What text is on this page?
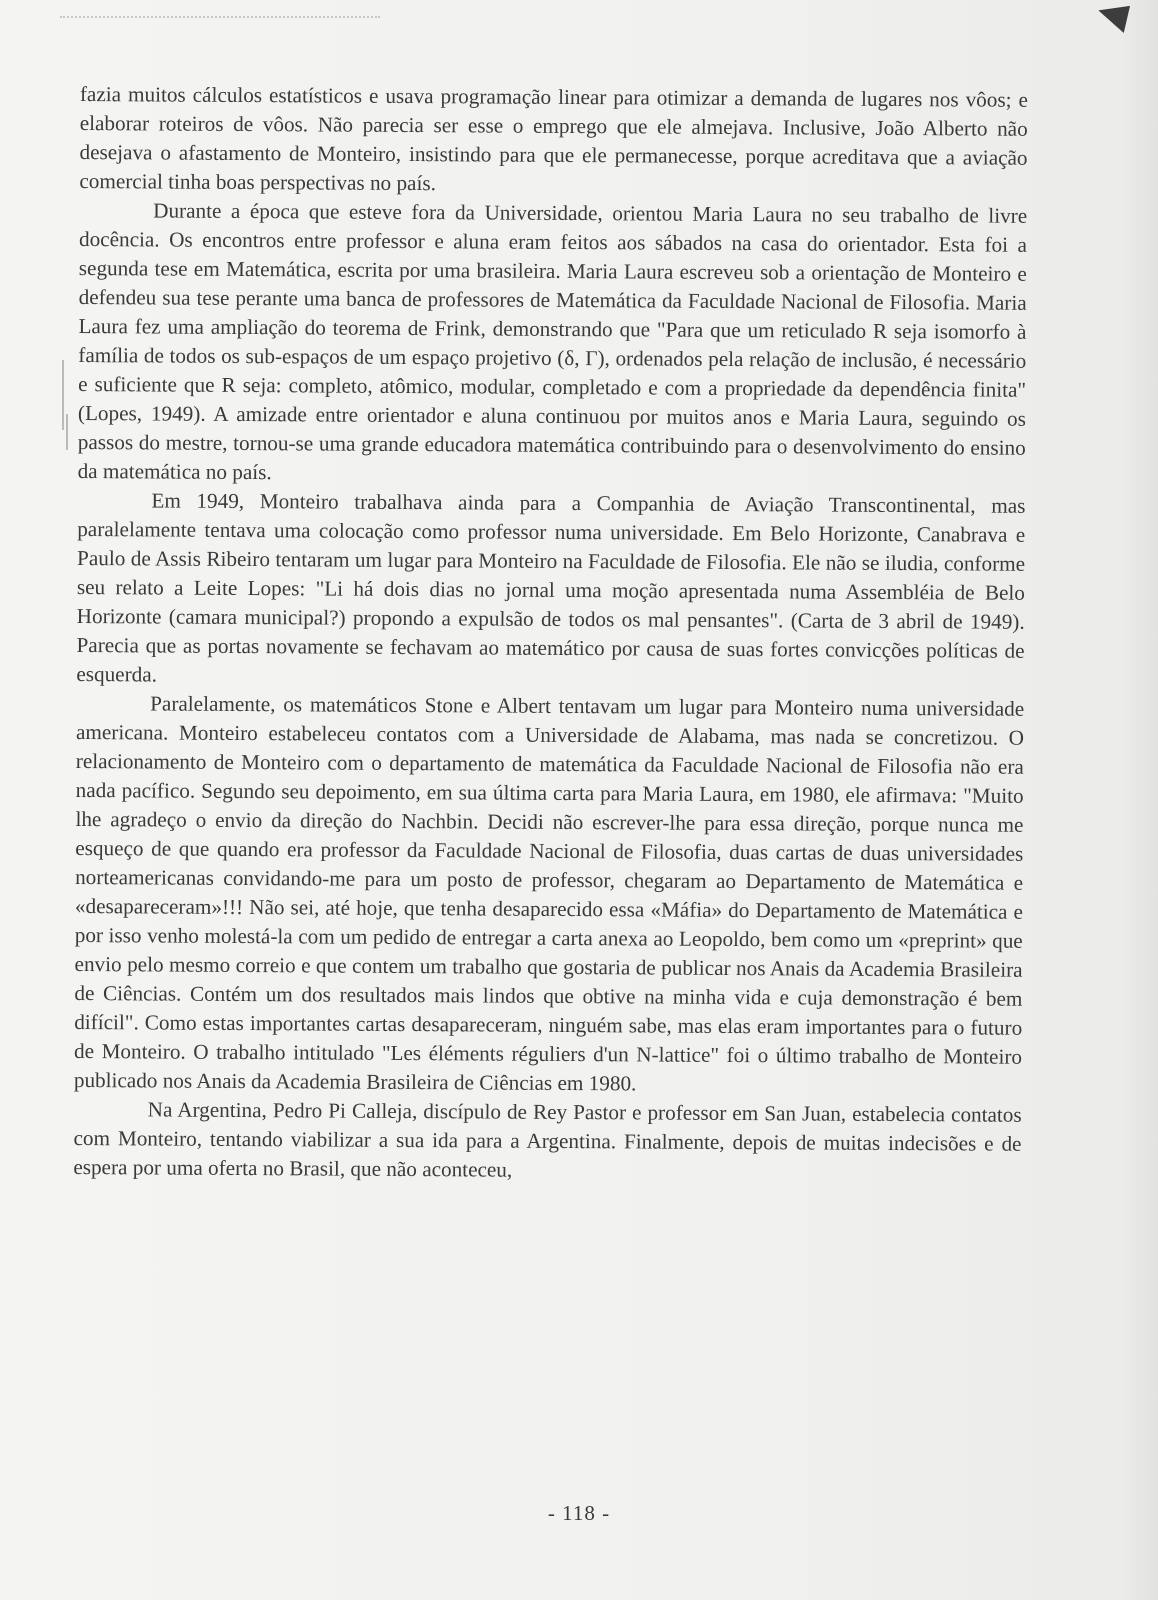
fazia muitos cálculos estatísticos e usava programação linear para otimizar a demanda de lugares nos vôos; e elaborar roteiros de vôos. Não parecia ser esse o emprego que ele almejava. Inclusive, João Alberto não desejava o afastamento de Monteiro, insistindo para que ele permanecesse, porque acreditava que a aviação comercial tinha boas perspectivas no país.

Durante a época que esteve fora da Universidade, orientou Maria Laura no seu trabalho de livre docência. Os encontros entre professor e aluna eram feitos aos sábados na casa do orientador. Esta foi a segunda tese em Matemática, escrita por uma brasileira. Maria Laura escreveu sob a orientação de Monteiro e defendeu sua tese perante uma banca de professores de Matemática da Faculdade Nacional de Filosofia. Maria Laura fez uma ampliação do teorema de Frink, demonstrando que "Para que um reticulado R seja isomorfo à família de todos os sub-espaços de um espaço projetivo (δ, Γ), ordenados pela relação de inclusão, é necessário e suficiente que R seja: completo, atômico, modular, completado e com a propriedade da dependência finita" (Lopes, 1949). A amizade entre orientador e aluna continuou por muitos anos e Maria Laura, seguindo os passos do mestre, tornou-se uma grande educadora matemática contribuindo para o desenvolvimento do ensino da matemática no país.

Em 1949, Monteiro trabalhava ainda para a Companhia de Aviação Transcontinental, mas paralelamente tentava uma colocação como professor numa universidade. Em Belo Horizonte, Canabrava e Paulo de Assis Ribeiro tentaram um lugar para Monteiro na Faculdade de Filosofia. Ele não se iludia, conforme seu relato a Leite Lopes: "Li há dois dias no jornal uma moção apresentada numa Assembléia de Belo Horizonte (camara municipal?) propondo a expulsão de todos os mal pensantes". (Carta de 3 abril de 1949). Parecia que as portas novamente se fechavam ao matemático por causa de suas fortes convicções políticas de esquerda.

Paralelamente, os matemáticos Stone e Albert tentavam um lugar para Monteiro numa universidade americana. Monteiro estabeleceu contatos com a Universidade de Alabama, mas nada se concretizou. O relacionamento de Monteiro com o departamento de matemática da Faculdade Nacional de Filosofia não era nada pacífico. Segundo seu depoimento, em sua última carta para Maria Laura, em 1980, ele afirmava: "Muito lhe agradeço o envio da direção do Nachbin. Decidi não escrever-lhe para essa direção, porque nunca me esqueço de que quando era professor da Faculdade Nacional de Filosofia, duas cartas de duas universidades norteamericanas convidando-me para um posto de professor, chegaram ao Departamento de Matemática e «desapareceram»!!! Não sei, até hoje, que tenha desaparecido essa «Máfia» do Departamento de Matemática e por isso venho molestá-la com um pedido de entregar a carta anexa ao Leopoldo, bem como um «preprint» que envio pelo mesmo correio e que contem um trabalho que gostaria de publicar nos Anais da Academia Brasileira de Ciências. Contém um dos resultados mais lindos que obtive na minha vida e cuja demonstração é bem difícil". Como estas importantes cartas desapareceram, ninguém sabe, mas elas eram importantes para o futuro de Monteiro. O trabalho intitulado "Les éléments réguliers d'un N-lattice" foi o último trabalho de Monteiro publicado nos Anais da Academia Brasileira de Ciências em 1980.

Na Argentina, Pedro Pi Calleja, discípulo de Rey Pastor e professor em San Juan, estabelecia contatos com Monteiro, tentando viabilizar a sua ida para a Argentina. Finalmente, depois de muitas indecisões e de espera por uma oferta no Brasil, que não aconteceu,

- 118 -
